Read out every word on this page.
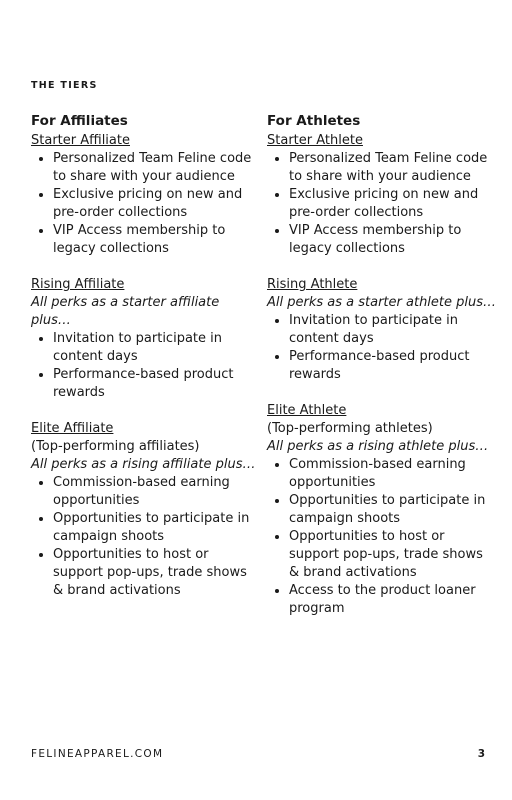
THE TIERS
For Affiliates
Starter Affiliate
• Personalized Team Feline code to share with your audience
• Exclusive pricing on new and pre-order collections
• VIP Access membership to legacy collections
Rising Affiliate
All perks as a starter affiliate plus…
• Invitation to participate in content days
• Performance-based product rewards
Elite Affiliate
(Top-performing affiliates)
All perks as a rising affiliate plus…
• Commission-based earning opportunities
• Opportunities to participate in campaign shoots
• Opportunities to host or support pop-ups, trade shows & brand activations
For Athletes
Starter Athlete
• Personalized Team Feline code to share with your audience
• Exclusive pricing on new and pre-order collections
• VIP Access membership to legacy collections
Rising Athlete
All perks as a starter athlete plus…
• Invitation to participate in content days
• Performance-based product rewards
Elite Athlete
(Top-performing athletes)
All perks as a rising athlete plus…
• Commission-based earning opportunities
• Opportunities to participate in campaign shoots
• Opportunities to host or support pop-ups, trade shows & brand activations
• Access to the product loaner program
FELINEAPPAREL.COM	3
